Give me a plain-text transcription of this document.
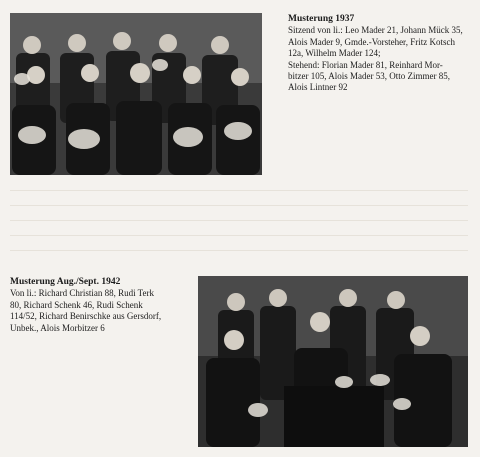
Musterung 1937
Sitzend von li.: Leo Mader 21, Johann Mück 35,
Alois Mader 9, Gmde.-Vorsteher, Fritz Kotsch
12a, Wilhelm Mader 124;
Stehend: Florian Mader 81, Reinhard Mor-
bitzer 105, Alois Mader 53, Otto Zimmer 85,
Alois Lintner 92
Musterung Aug./Sept. 1942
Von li.: Richard Christian 88, Rudi Terk
80, Richard Schenk 46, Rudi Schenk
114/52, Richard Benirschke aus Gersdorf,
Unbek., Alois Morbitzer 6
